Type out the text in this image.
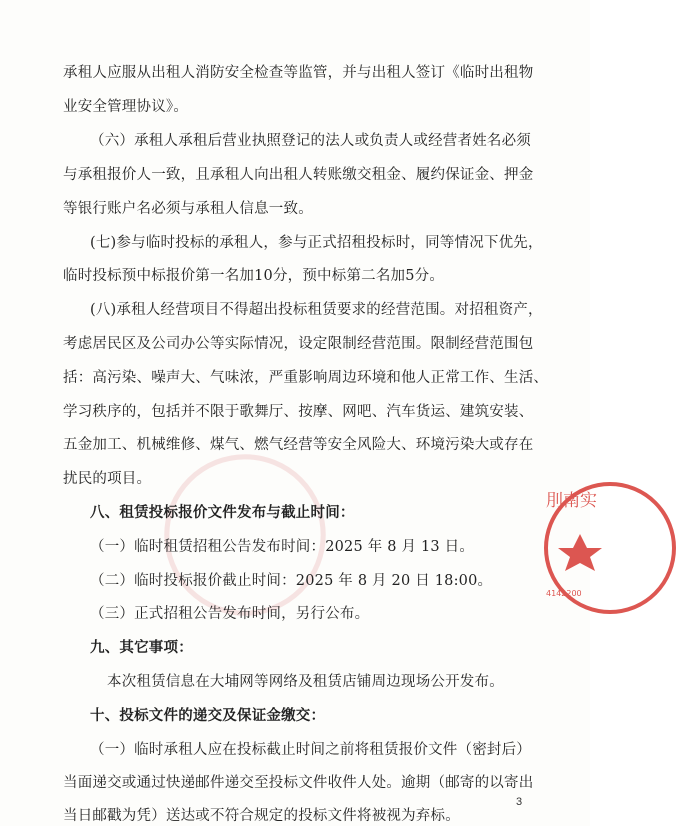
承租人应服从出租人消防安全检查等监管，并与出租人签订《临时出租物
业安全管理协议》。
（六）承租人承租后营业执照登记的法人或负责人或经营者姓名必须
与承租报价人一致，且承租人向出租人转账缴交租金、履约保证金、押金
等银行账户名必须与承租人信息一致。
(七)参与临时投标的承租人，参与正式招租投标时，同等情况下优先，
临时投标预中标报价第一名加10分，预中标第二名加5分。
(八)承租人经营项目不得超出投标租赁要求的经营范围。对招租资产，
考虑居民区及公司办公等实际情况，设定限制经营范围。限制经营范围包
括：高污染、噪声大、气味浓，严重影响周边环境和他人正常工作、生活、
学习秩序的，包括并不限于歌舞厅、按摩、网吧、汽车货运、建筑安装、
五金加工、机械维修、煤气、燃气经营等安全风险大、环境污染大或存在
扰民的项目。
八、租赁投标报价文件发布与截止时间：
（一）临时租赁招租公告发布时间：2025 年 8 月 13 日。
（二）临时投标报价截止时间：2025 年 8 月 20 日 18:00。
（三）正式招租公告发布时间，另行公布。
九、其它事项：
本次租赁信息在大埔网等网络及租赁店铺周边现场公开发布。
十、投标文件的递交及保证金缴交：
（一）临时承租人应在投标截止时间之前将租赁报价文件（密封后）
当面递交或通过快递邮件递交至投标文件收件人处。逾期（邮寄的以寄出
当日邮戳为凭）送达或不符合规定的投标文件将被视为弃标。
刖南实
4142200
3
